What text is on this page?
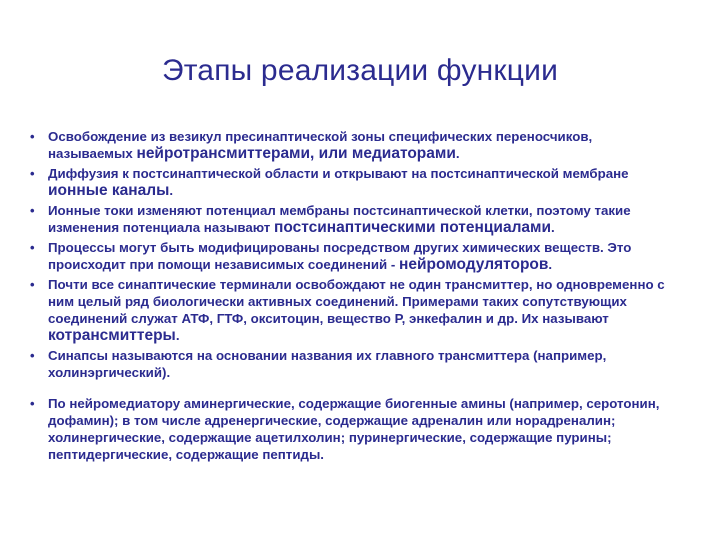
Этапы реализации функции
• Освобождение из везикул пресинаптической зоны специфических переносчиков, называемых нейротрансмиттерами, или медиаторами.
• Диффузия к постсинаптической области и открывают на постсинаптической мембране ионные каналы.
• Ионные токи изменяют потенциал мембраны постсинаптической клетки, поэтому такие изменения потенциала называют постсинаптическими потенциалами.
• Процессы могут быть модифицированы посредством других химических веществ. Это происходит при помощи независимых соединений - нейромодуляторов.
• Почти все синаптические терминали освобождают не один трансмиттер, но одновременно с ним целый ряд биологически активных соединений. Примерами таких сопутствующих соединений служат АТФ, ГТФ, окситоцин, вещество Р, энкефалин и др. Их называют котрансмиттеры.
• Синапсы называются на основании названия их главного трансмиттера (например, холинэргический).
• По нейромедиатору аминергические, содержащие биогенные амины (например, серотонин, дофамин); в том числе адренергические, содержащие адреналин или норадреналин; холинергические, содержащие ацетилхолин; пуринергические, содержащие пурины; пептидергические, содержащие пептиды.
